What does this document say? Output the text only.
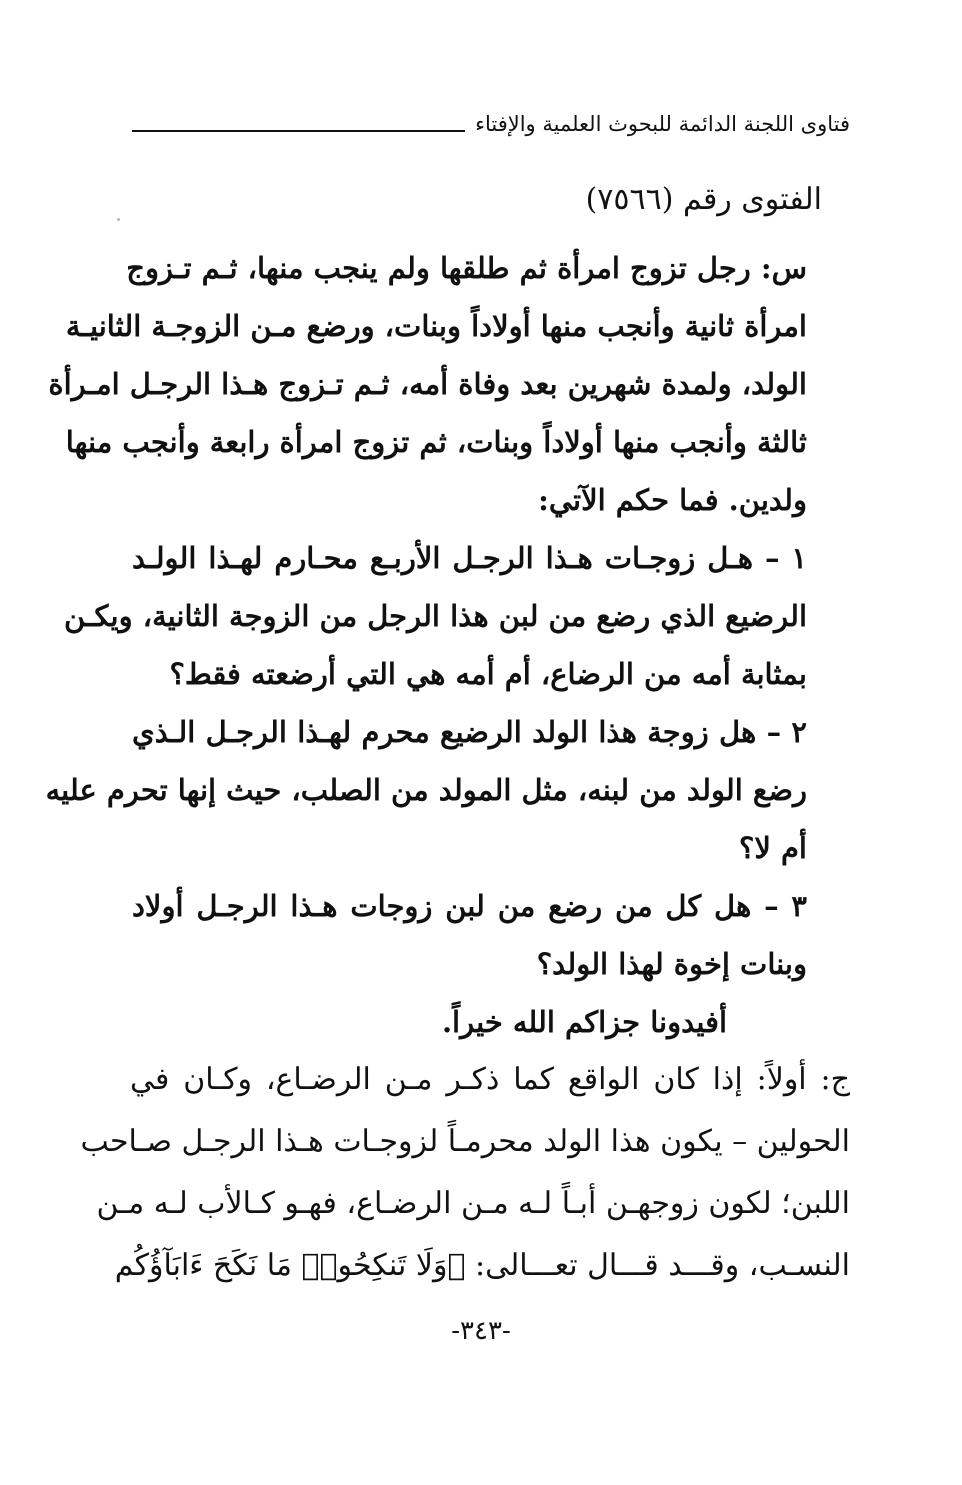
فتاوى اللجنة الدائمة للبحوث العلمية والإفتاء
الفتوى رقم (٧٥٦٦)
س: رجل تزوج امرأة ثم طلقها ولم ينجب منها، ثـم تـزوج
امرأة ثانية وأنجب منها أولاداً وبنات، ورضع مـن الزوجـة الثانيـة
الولد، ولمدة شهرين بعد وفاة أمه، ثـم تـزوج هـذا الرجـل امـرأة
ثالثة وأنجب منها أولاداً وبنات، ثم تزوج امرأة رابعة وأنجب منها
ولدين. فما حكم الآتي:
١ – هـل زوجـات هـذا الرجـل الأربـع محـارم لهـذا الولـد
الرضيع الذي رضع من لبن هذا الرجل من الزوجة الثانية، ويكـن
بمثابة أمه من الرضاع، أم أمه هي التي أرضعته فقط؟
٢ – هل زوجة هذا الولد الرضيع محرم لهـذا الرجـل الـذي
رضع الولد من لبنه، مثل المولد من الصلب، حيث إنها تحرم عليه
أم لا؟
٣ – هل كل من رضع من لبن زوجات هـذا الرجـل أولاد
وبنات إخوة لهذا الولد؟
أفيدونا جزاكم الله خيراً.
ج: أولاً: إذا كان الواقع كما ذكـر مـن الرضـاع، وكـان في
الحولين – يكون هذا الولد محرمـاً لزوجـات هـذا الرجـل صـاحب
اللبن؛ لكون زوجهـن أبـاً لـه مـن الرضـاع، فهـو كـالأب لـه مـن
النسـب، وقـــد قـــال تعـــالى: ﴿وَلَا تَنكِحُوا۟ مَا نَكَحَ ءَابَآؤُكُم
-٣٤٣-
